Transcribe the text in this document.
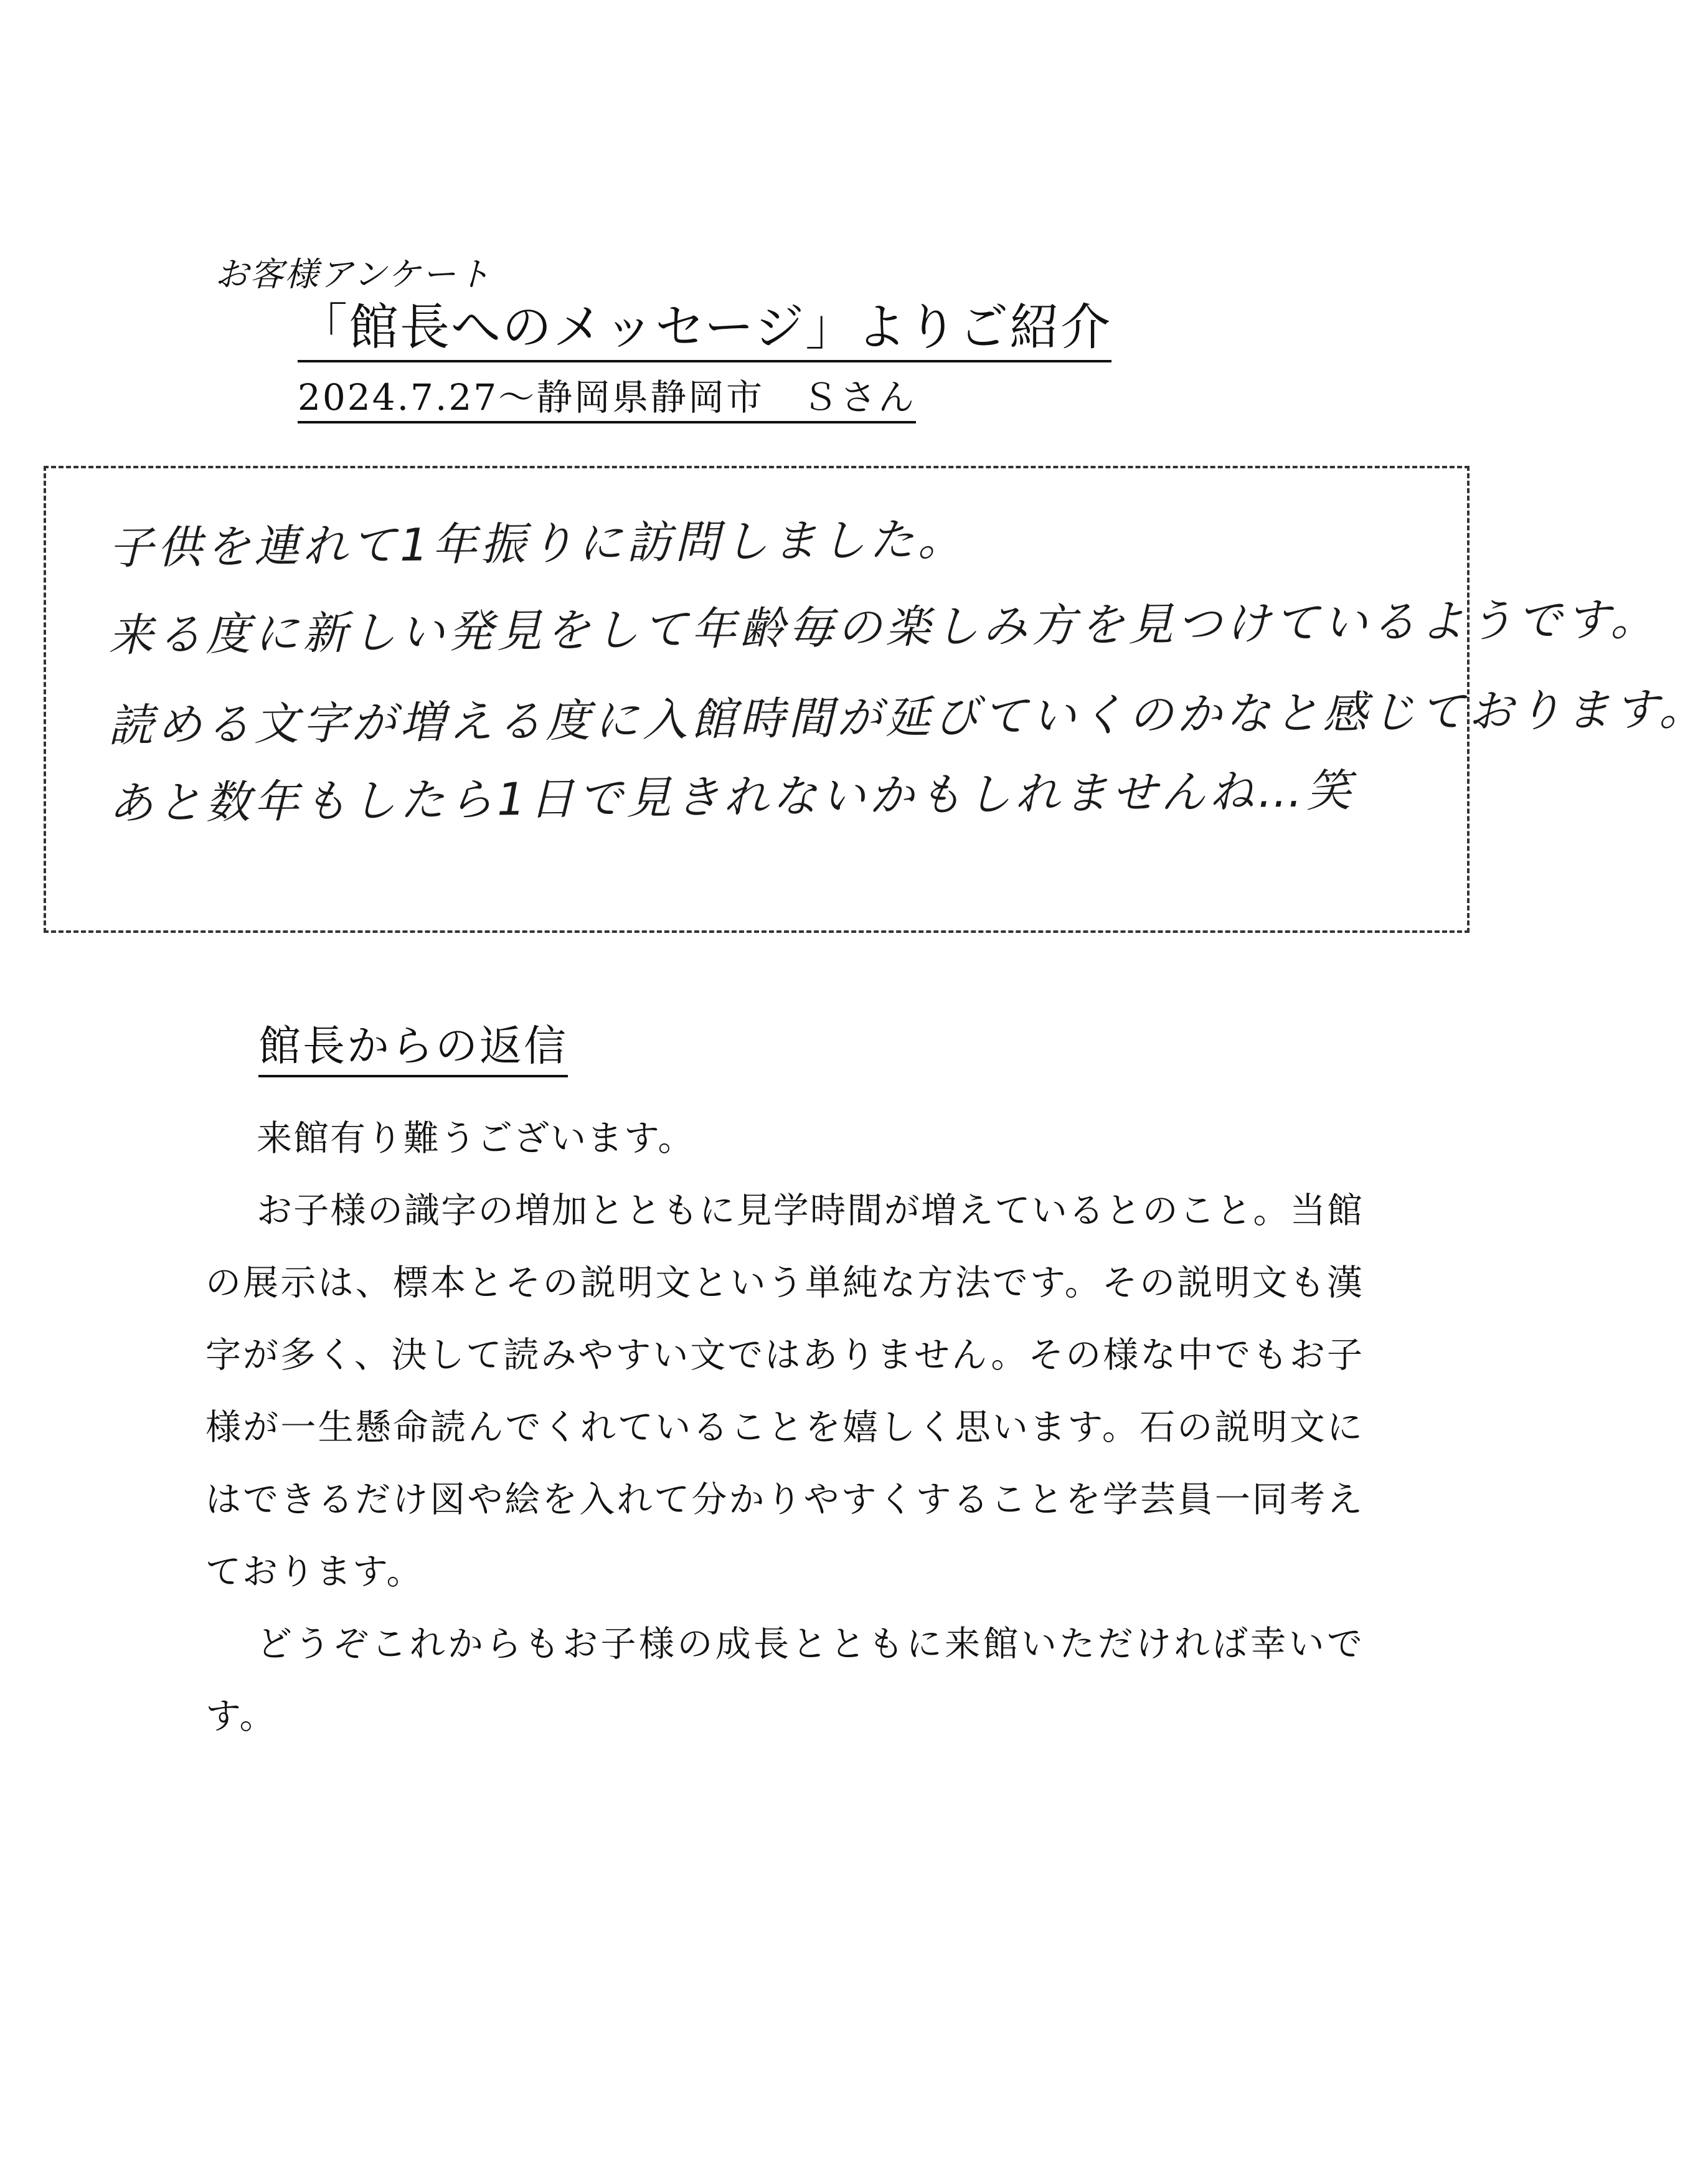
お客様アンケート
「館長へのメッセージ」よりご紹介
2024.7.27～静岡県静岡市　Ｓさん
子供を連れて1年振りに訪問しました。
来る度に新しい発見をして年齢毎の楽しみ方を見つけているようです。
読める文字が増える度に入館時間が延びていくのかなと感じております。
あと数年もしたら1日で見きれないかもしれませんね…笑
館長からの返信

来館有り難うございます。

お子様の識字の増加とともに見学時間が増えているとのこと。当館の展示は、標本とその説明文という単純な方法です。その説明文も漢字が多く、決して読みやすい文ではありません。その様な中でもお子様が一生懸命読んでくれていることを嬉しく思います。石の説明文にはできるだけ図や絵を入れて分かりやすくすることを学芸員一同考えております。

どうぞこれからもお子様の成長とともに来館いただければ幸いです。
